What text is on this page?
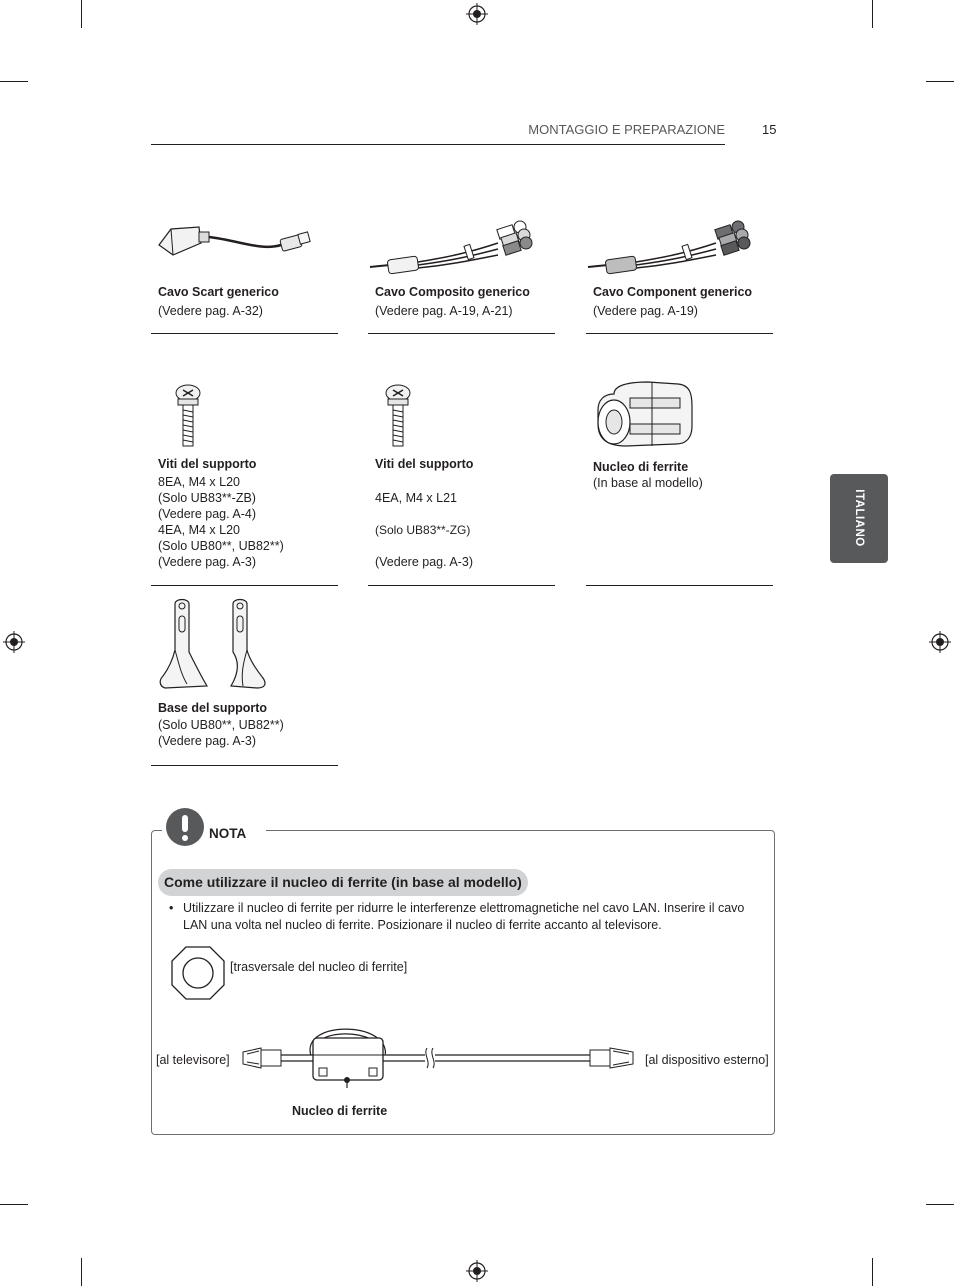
MONTAGGIO E PREPARAZIONE	15
ITALIANO
Cavo Scart generico
(Vedere pag. A-32)
Cavo Composito generico
(Vedere pag. A-19, A-21)
Cavo Component generico
(Vedere pag. A-19)
Viti del supporto
8EA, M4 x L20
(Solo UB83**-ZB)
(Vedere pag. A-4)
4EA, M4 x L20
(Solo UB80**, UB82**)
(Vedere pag. A-3)
Viti del supporto

4EA, M4 x L21

(Solo UB83**-ZG)

(Vedere pag. A-3)

Nucleo di ferrite
(In base al modello)
Base del supporto
(Solo UB80**, UB82**)
(Vedere pag. A-3)
NOTA
Come utilizzare il nucleo di ferrite (in base al modello)
• Utilizzare il nucleo di ferrite per ridurre le interferenze elettromagnetiche nel cavo LAN. Inserire il cavo LAN una volta nel nucleo di ferrite. Posizionare il nucleo di ferrite accanto al televisore.
[trasversale del nucleo di ferrite]
[al televisore]	[al dispositivo esterno]
Nucleo di ferrite
